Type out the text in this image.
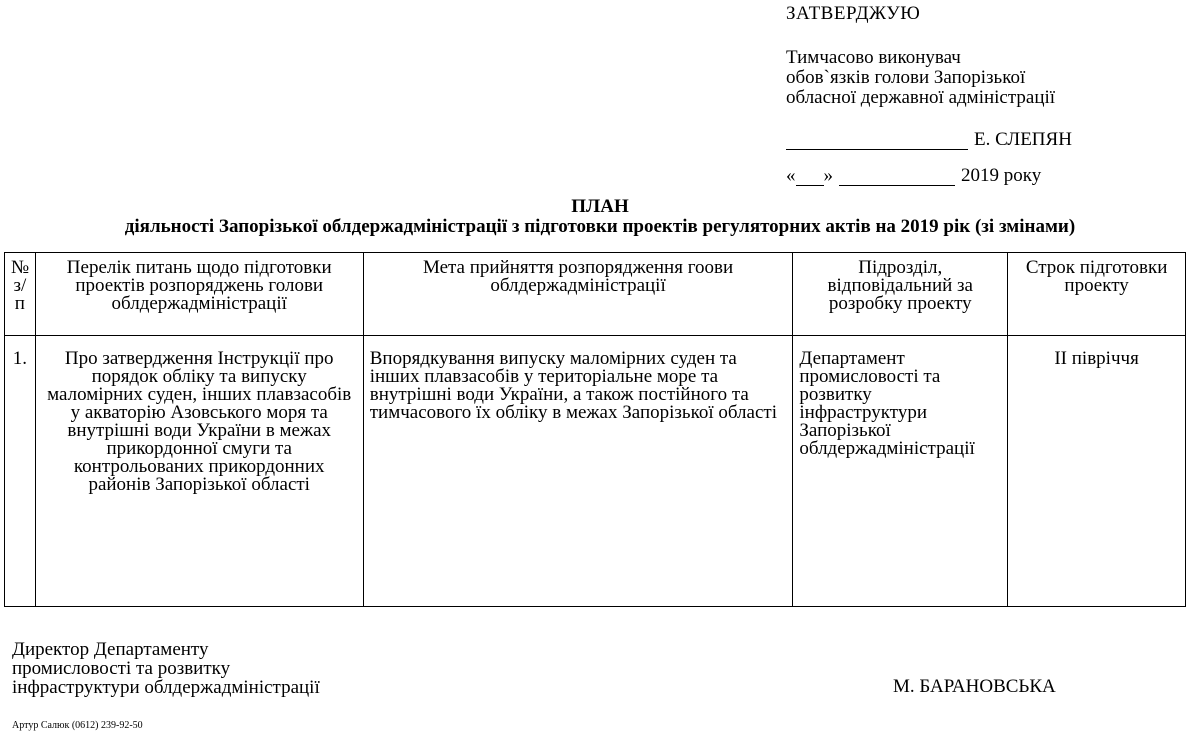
ЗАТВЕРДЖУЮ
Тимчасово виконувач
обов`язків голови Запорізької
обласної державної адміністрації
Е. СЛЕПЯН
« »	2019 року
ПЛАН
діяльності Запорізької облдержадміністрації з підготовки проектів регуляторних актів на 2019 рік (зі змінами)
№ з/п	Перелік питань щодо підготовки проектів розпоряджень голови облдержадміністрації	Мета прийняття розпорядження гоови облдержадміністрації	Підрозділ, відповідальний за розробку проекту	Строк підготовки проекту
1.	Про затвердження Інструкції про порядок обліку та випуску маломірних суден, інших плавзасобів у акваторію Азовського моря та внутрішні води України в межах прикордонної смуги та контрольованих прикордонних районів Запорізької області	Впорядкування випуску маломірних суден та інших плавзасобів у територіальне море та внутрішні води України, а також постійного та тимчасового їх обліку в межах Запорізької області	Департамент промисловості та розвитку інфраструктури Запорізької облдержадміністрації	ІІ півріччя
Директор Департаменту
промисловості та розвитку
інфраструктури облдержадміністрації	М. БАРАНОВСЬКА
Артур Салюк (0612) 239-92-50
